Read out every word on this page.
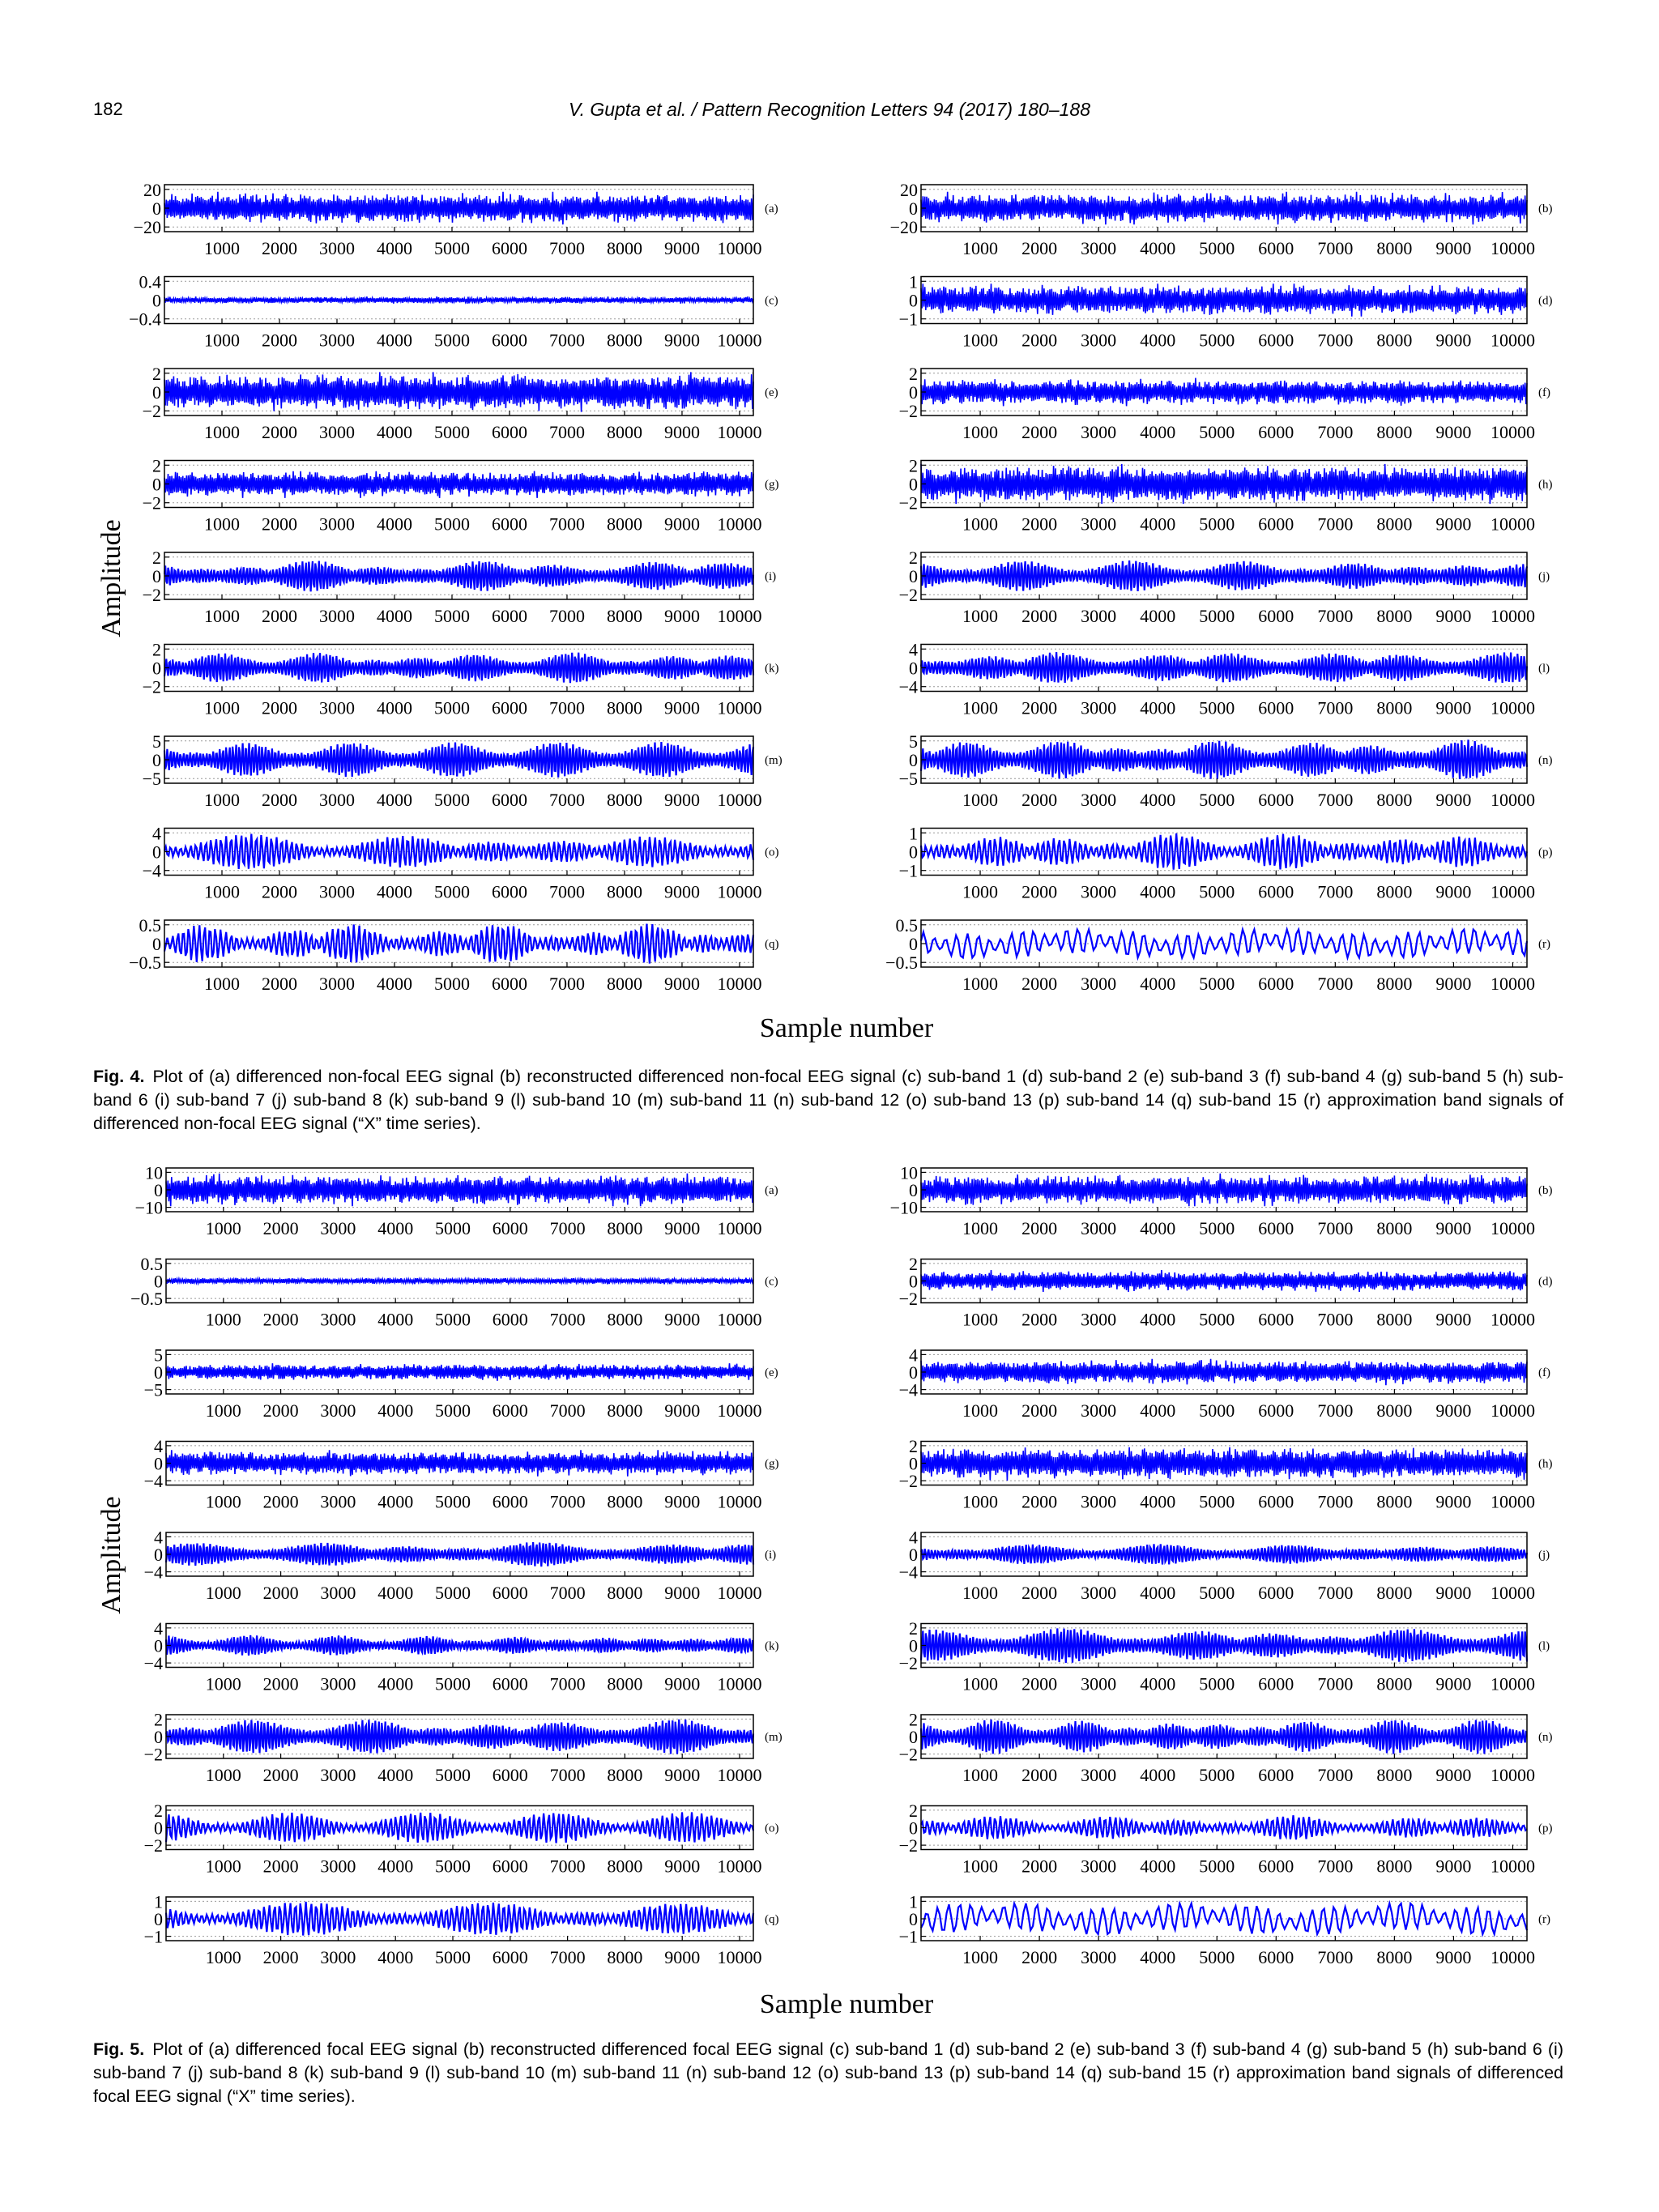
182	V. Gupta et al. / Pattern Recognition Letters 94 (2017) 180–188
Amplitude
Sample number
20
0
−20
1000 2000 3000 4000 5000 6000 7000 8000 9000 10000
(a)
20
0
−20
1000 2000 3000 4000 5000 6000 7000 8000 9000 10000
(b)
0.4
0
−0.4
1000 2000 3000 4000 5000 6000 7000 8000 9000 10000
(c)
1
0
−1
1000 2000 3000 4000 5000 6000 7000 8000 9000 10000
(d)
2
0
−2
1000 2000 3000 4000 5000 6000 7000 8000 9000 10000
(e)
2
0
−2
1000 2000 3000 4000 5000 6000 7000 8000 9000 10000
(f)
2
0
−2
1000 2000 3000 4000 5000 6000 7000 8000 9000 10000
(g)
2
0
−2
1000 2000 3000 4000 5000 6000 7000 8000 9000 10000
(h)
2
0
−2
1000 2000 3000 4000 5000 6000 7000 8000 9000 10000
(i)
2
0
−2
1000 2000 3000 4000 5000 6000 7000 8000 9000 10000
(j)
2
0
−2
1000 2000 3000 4000 5000 6000 7000 8000 9000 10000
(k)
4
0
−4
1000 2000 3000 4000 5000 6000 7000 8000 9000 10000
(l)
5
0
−5
1000 2000 3000 4000 5000 6000 7000 8000 9000 10000
(m)
5
0
−5
1000 2000 3000 4000 5000 6000 7000 8000 9000 10000
(n)
4
0
−4
1000 2000 3000 4000 5000 6000 7000 8000 9000 10000
(o)
1
0
−1
1000 2000 3000 4000 5000 6000 7000 8000 9000 10000
(p)
0.5
0
−0.5
1000 2000 3000 4000 5000 6000 7000 8000 9000 10000
(q)
0.5
0
−0.5
1000 2000 3000 4000 5000 6000 7000 8000 9000 10000
(r)
Fig. 4. Plot of (a) differenced non-focal EEG signal (b) reconstructed differenced non-focal EEG signal (c) sub-band 1 (d) sub-band 2 (e) sub-band 3 (f) sub-band 4 (g) sub-band 5 (h) sub-band 6 (i) sub-band 7 (j) sub-band 8 (k) sub-band 9 (l) sub-band 10 (m) sub-band 11 (n) sub-band 12 (o) sub-band 13 (p) sub-band 14 (q) sub-band 15 (r) approximation band signals of differenced non-focal EEG signal (“X” time series).
Amplitude
Sample number
10
0
−10
1000 2000 3000 4000 5000 6000 7000 8000 9000 10000
(a)
10
0
−10
1000 2000 3000 4000 5000 6000 7000 8000 9000 10000
(b)
0.5
0
−0.5
1000 2000 3000 4000 5000 6000 7000 8000 9000 10000
(c)
2
0
−2
1000 2000 3000 4000 5000 6000 7000 8000 9000 10000
(d)
5
0
−5
1000 2000 3000 4000 5000 6000 7000 8000 9000 10000
(e)
4
0
−4
1000 2000 3000 4000 5000 6000 7000 8000 9000 10000
(f)
4
0
−4
1000 2000 3000 4000 5000 6000 7000 8000 9000 10000
(g)
2
0
−2
1000 2000 3000 4000 5000 6000 7000 8000 9000 10000
(h)
4
0
−4
1000 2000 3000 4000 5000 6000 7000 8000 9000 10000
(i)
4
0
−4
1000 2000 3000 4000 5000 6000 7000 8000 9000 10000
(j)
4
0
−4
1000 2000 3000 4000 5000 6000 7000 8000 9000 10000
(k)
2
0
−2
1000 2000 3000 4000 5000 6000 7000 8000 9000 10000
(l)
2
0
−2
1000 2000 3000 4000 5000 6000 7000 8000 9000 10000
(m)
2
0
−2
1000 2000 3000 4000 5000 6000 7000 8000 9000 10000
(n)
2
0
−2
1000 2000 3000 4000 5000 6000 7000 8000 9000 10000
(o)
2
0
−2
1000 2000 3000 4000 5000 6000 7000 8000 9000 10000
(p)
1
0
−1
1000 2000 3000 4000 5000 6000 7000 8000 9000 10000
(q)
1
0
−1
1000 2000 3000 4000 5000 6000 7000 8000 9000 10000
(r)
Fig. 5. Plot of (a) differenced focal EEG signal (b) reconstructed differenced focal EEG signal (c) sub-band 1 (d) sub-band 2 (e) sub-band 3 (f) sub-band 4 (g) sub-band 5 (h) sub-band 6 (i) sub-band 7 (j) sub-band 8 (k) sub-band 9 (l) sub-band 10 (m) sub-band 11 (n) sub-band 12 (o) sub-band 13 (p) sub-band 14 (q) sub-band 15 (r) approximation band signals of differenced focal EEG signal (“X” time series).
